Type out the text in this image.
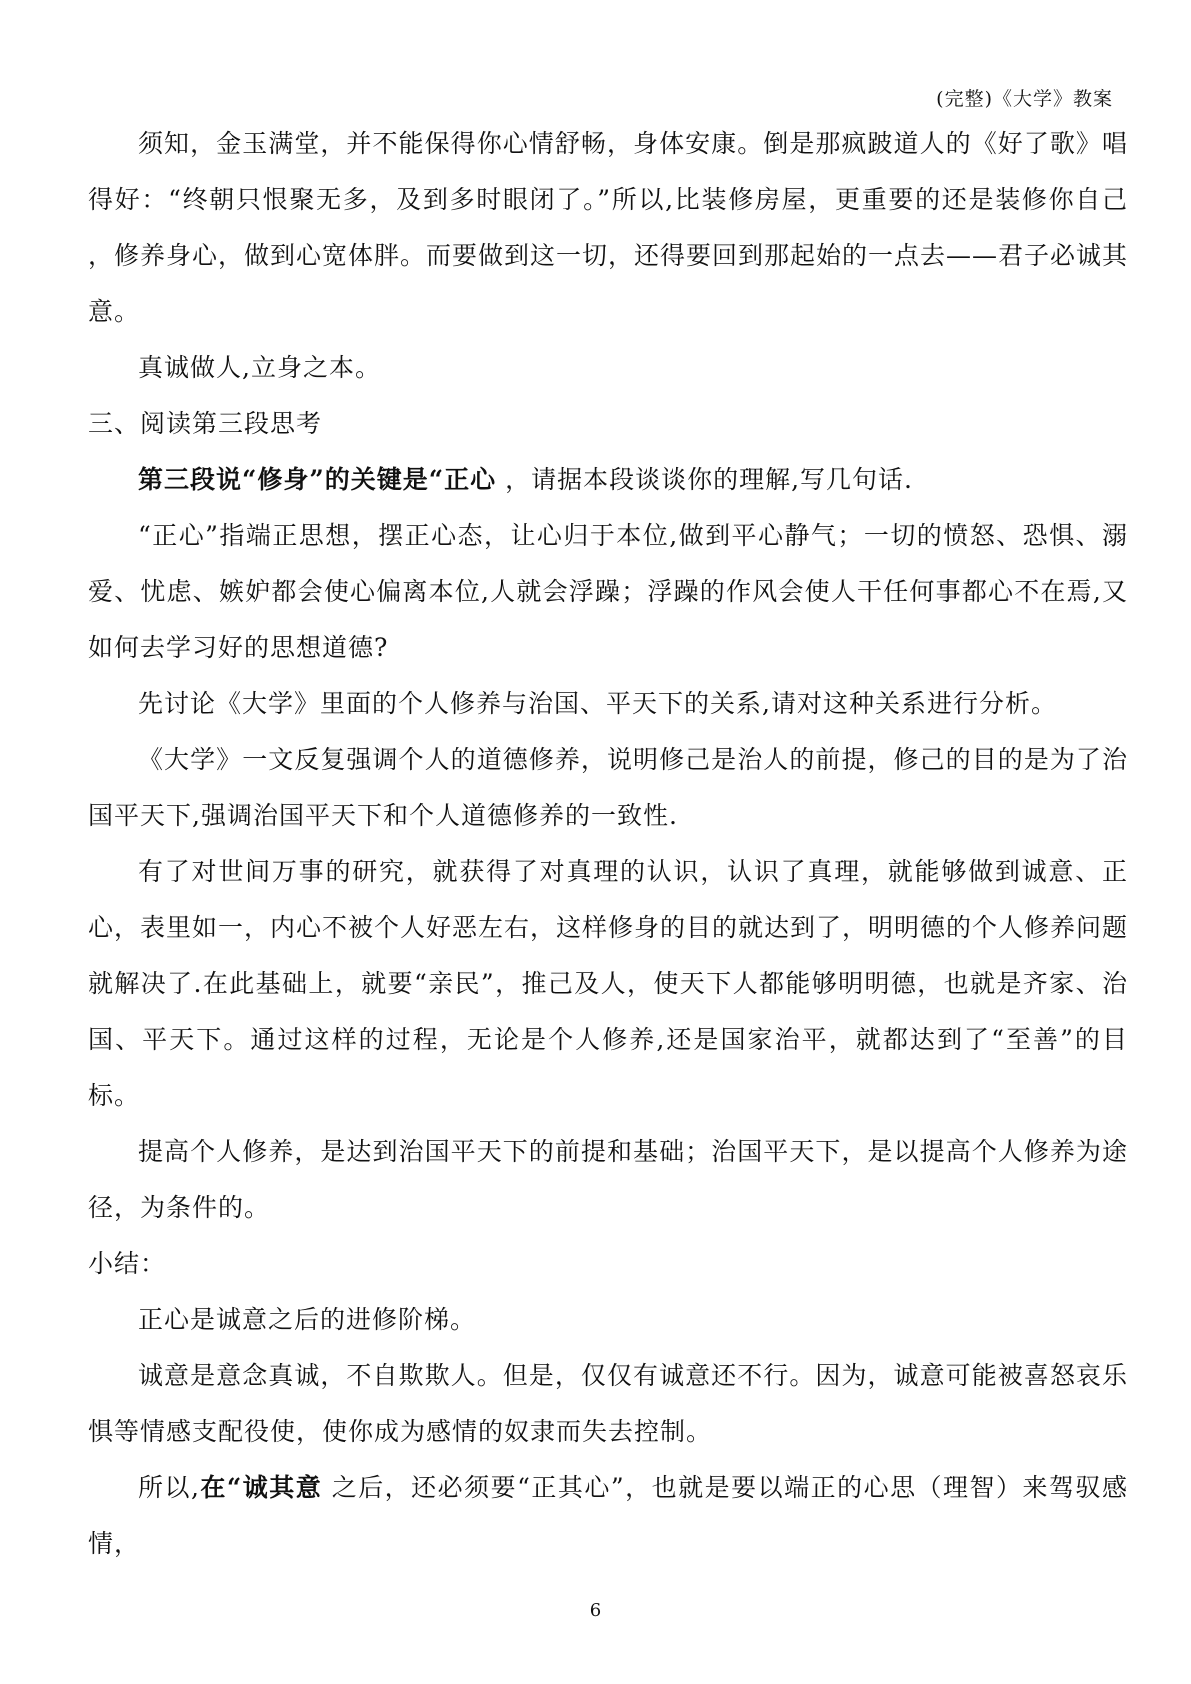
(完整)《大学》教案

须知，金玉满堂，并不能保得你心情舒畅，身体安康。倒是那疯跛道人的《好了歌》唱得好：“终朝只恨聚无多，及到多时眼闭了。”所以,比装修房屋，更重要的还是装修你自己 ，修养身心，做到心宽体胖。而要做到这一切，还得要回到那起始的一点去——君子必诚其意。

真诚做人,立身之本。

三、阅读第三段思考

第三段说“修身”的关键是“正心 ，请据本段谈谈你的理解,写几句话.

“正心”指端正思想，摆正心态，让心归于本位,做到平心静气；一切的愤怒、恐惧、溺爱、忧虑、嫉妒都会使心偏离本位,人就会浮躁；浮躁的作风会使人干任何事都心不在焉,又如何去学习好的思想道德?

先讨论《大学》里面的个人修养与治国、平天下的关系,请对这种关系进行分析。

《大学》一文反复强调个人的道德修养，说明修己是治人的前提，修己的目的是为了治国平天下,强调治国平天下和个人道德修养的一致性.

有了对世间万事的研究，就获得了对真理的认识，认识了真理，就能够做到诚意、正心，表里如一，内心不被个人好恶左右，这样修身的目的就达到了，明明德的个人修养问题就解决了.在此基础上，就要“亲民”，推己及人，使天下人都能够明明德，也就是齐家、治国、平天下。通过这样的过程，无论是个人修养,还是国家治平，就都达到了“至善”的目标。

提高个人修养，是达到治国平天下的前提和基础；治国平天下，是以提高个人修养为途径，为条件的。

小结：

正心是诚意之后的进修阶梯。

诚意是意念真诚，不自欺欺人。但是，仅仅有诚意还不行。因为，诚意可能被喜怒哀乐惧等情感支配役使，使你成为感情的奴隶而失去控制。

所以,在“诚其意 之后，还必须要“正其心”，也就是要以端正的心思（理智）来驾驭感情，

6
